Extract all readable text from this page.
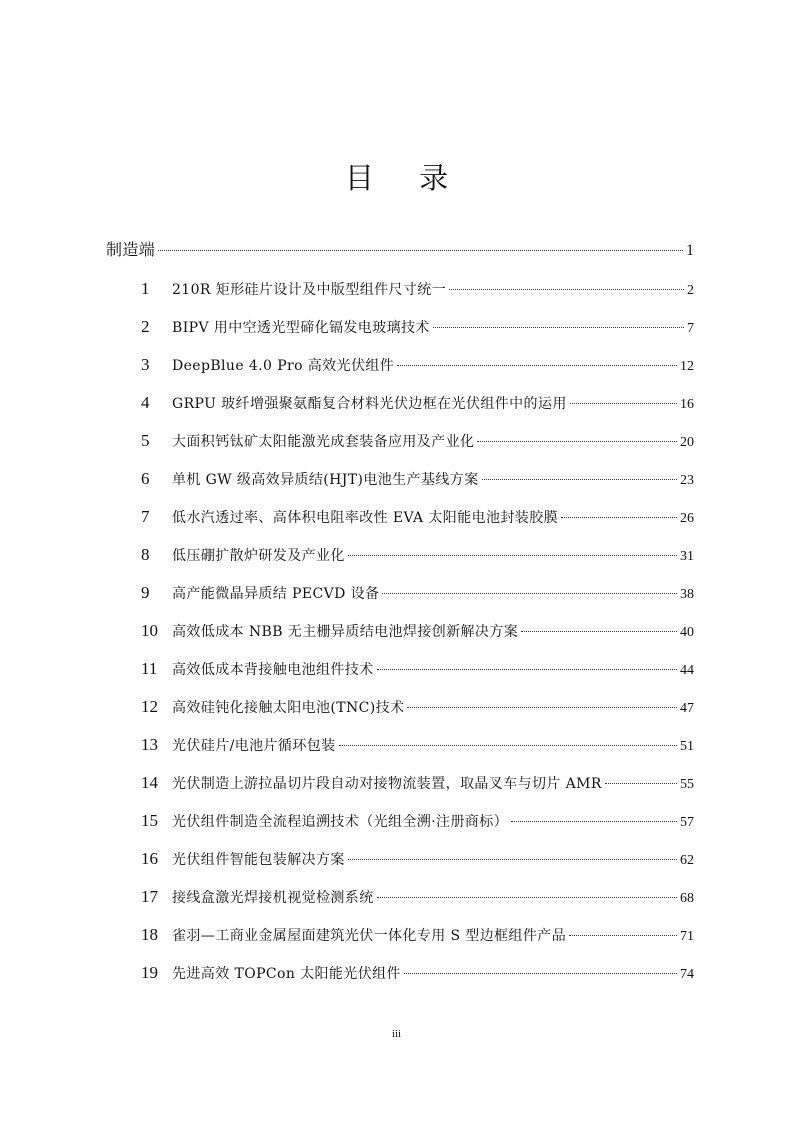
目 录
制造端	1
1	210R 矩形硅片设计及中版型组件尺寸统一	2
2	BIPV 用中空透光型碲化镉发电玻璃技术	7
3	DeepBlue 4.0 Pro 高效光伏组件	12
4	GRPU 玻纤增强聚氨酯复合材料光伏边框在光伏组件中的运用	16
5	大面积钙钛矿太阳能激光成套装备应用及产业化	20
6	单机 GW 级高效异质结(HJT)电池生产基线方案	23
7	低水汽透过率、高体积电阻率改性 EVA 太阳能电池封装胶膜	26
8	低压硼扩散炉研发及产业化	31
9	高产能微晶异质结 PECVD 设备	38
10	高效低成本 NBB 无主栅异质结电池焊接创新解决方案	40
11	高效低成本背接触电池组件技术	44
12	高效硅钝化接触太阳电池(TNC)技术	47
13	光伏硅片/电池片循环包装	51
14	光伏制造上游拉晶切片段自动对接物流装置，取晶叉车与切片 AMR	55
15	光伏组件制造全流程追溯技术（光组全溯·注册商标）	57
16	光伏组件智能包装解决方案	62
17	接线盒激光焊接机视觉检测系统	68
18	雀羽—工商业金属屋面建筑光伏一体化专用 S 型边框组件产品	71
19	先进高效 TOPCon 太阳能光伏组件	74
iii
